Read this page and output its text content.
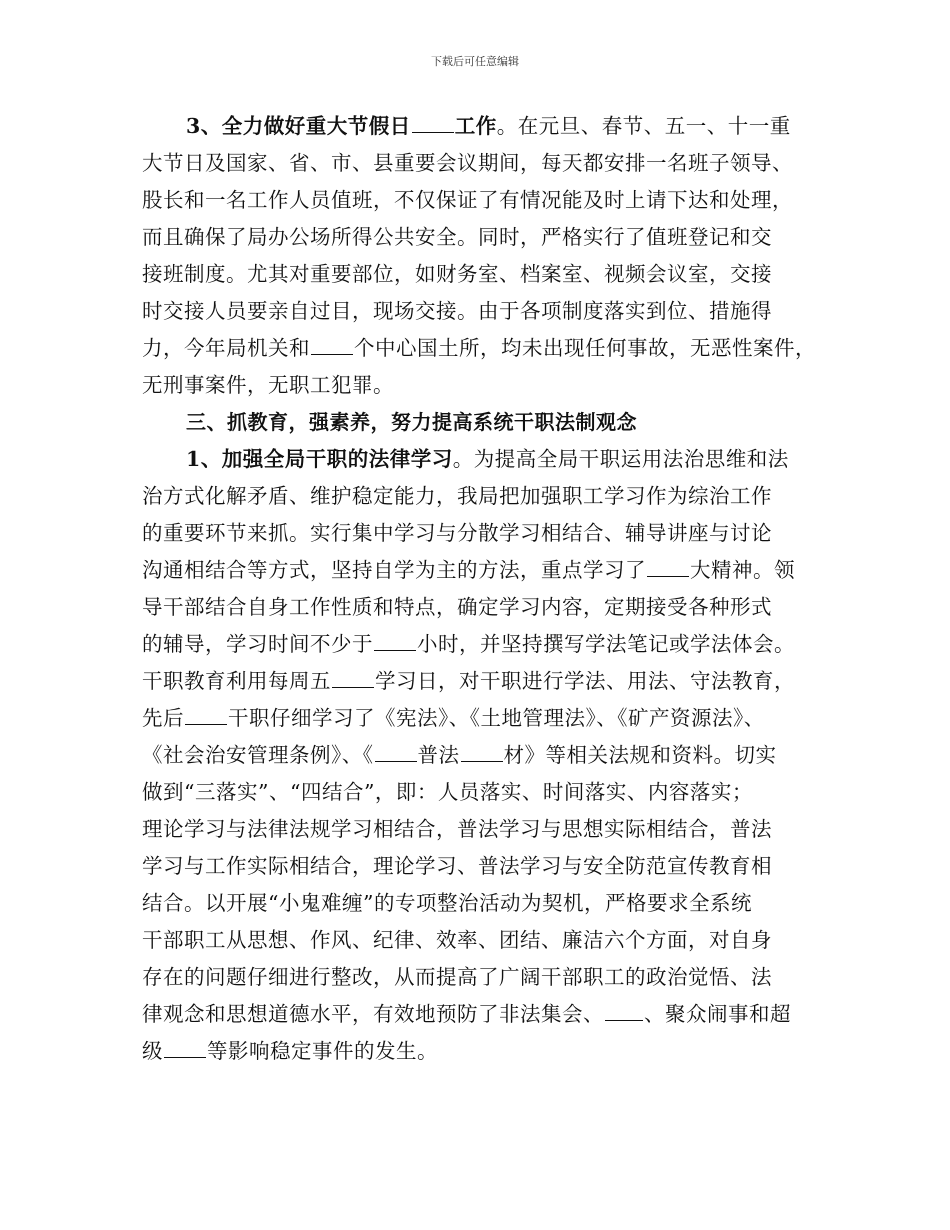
下载后可任意编辑
3、全力做好重大节假日 工作。在元旦、春节、五一、十一重
大节日及国家、省、市、县重要会议期间，每天都安排一名班子领导、
股长和一名工作人员值班，不仅保证了有情况能及时上请下达和处理，
而且确保了局办公场所得公共安全。同时，严格实行了值班登记和交
接班制度。尤其对重要部位，如财务室、档案室、视频会议室，交接
时交接人员要亲自过目，现场交接。由于各项制度落实到位、措施得
力，今年局机关和 个中心国土所，均未出现任何事故，无恶性案件，
无刑事案件，无职工犯罪。
三、抓教育，强素养，努力提高系统干职法制观念
1、加强全局干职的法律学习。为提高全局干职运用法治思维和法
治方式化解矛盾、维护稳定能力，我局把加强职工学习作为综治工作
的重要环节来抓。实行集中学习与分散学习相结合、辅导讲座与讨论
沟通相结合等方式，坚持自学为主的方法，重点学习了 大精神。领
导干部结合自身工作性质和特点，确定学习内容，定期接受各种形式
的辅导，学习时间不少于 小时，并坚持撰写学法笔记或学法体会。
干职教育利用每周五 学习日，对干职进行学法、用法、守法教育，
先后 干职仔细学习了《宪法》、《土地管理法》、《矿产资源法》、
《社会治安管理条例》、《 普法 材》等相关法规和资料。切实
做到“三落实”、“四结合”，即：人员落实、时间落实、内容落实；
理论学习与法律法规学习相结合，普法学习与思想实际相结合，普法
学习与工作实际相结合，理论学习、普法学习与安全防范宣传教育相
结合。以开展“小鬼难缠”的专项整治活动为契机，严格要求全系统
干部职工从思想、作风、纪律、效率、团结、廉洁六个方面，对自身
存在的问题仔细进行整改，从而提高了广阔干部职工的政治觉悟、法
律观念和思想道德水平，有效地预防了非法集会、 、聚众闹事和超
级 等影响稳定事件的发生。
